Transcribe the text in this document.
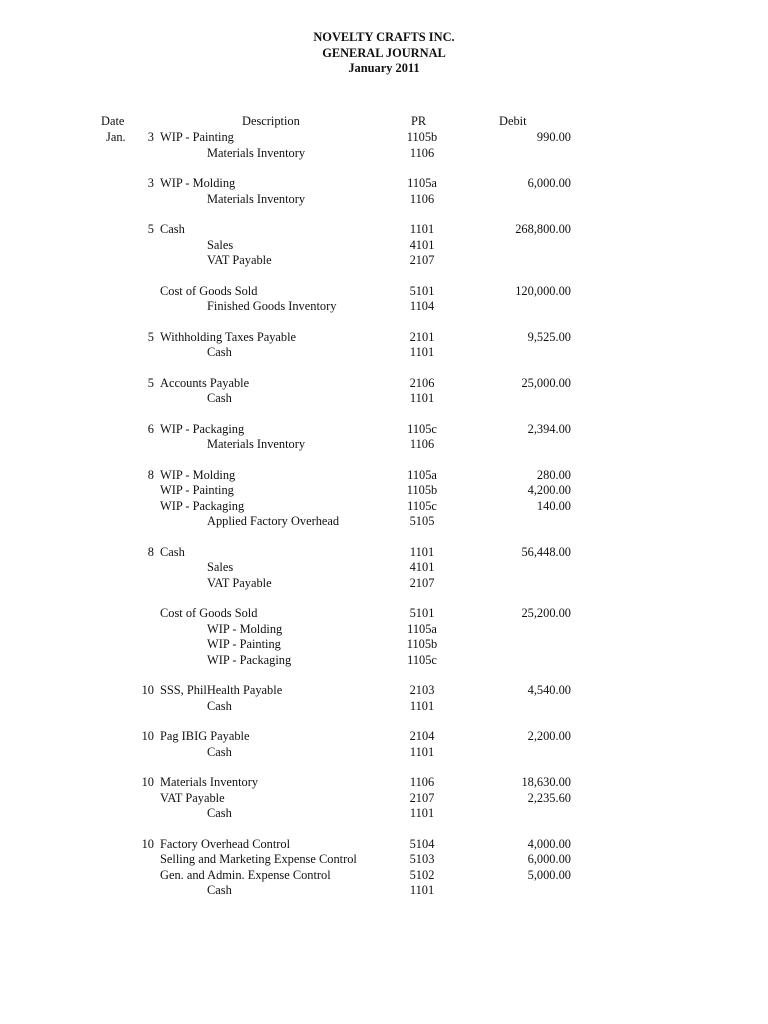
NOVELTY CRAFTS INC.
GENERAL JOURNAL
January 2011
Date	Description	PR	Debit
Jan.	3 WIP - Painting	1105b	990.00
Materials Inventory	1106
3 WIP - Molding	1105a	6,000.00
Materials Inventory	1106
5 Cash	1101	268,800.00
Sales	4101
VAT Payable	2107
Cost of Goods Sold	5101	120,000.00
Finished Goods Inventory	1104
5 Withholding Taxes Payable	2101	9,525.00
Cash	1101
5 Accounts Payable	2106	25,000.00
Cash	1101
6 WIP - Packaging	1105c	2,394.00
Materials Inventory	1106
8 WIP - Molding	1105a	280.00
WIP - Painting	1105b	4,200.00
WIP - Packaging	1105c	140.00
Applied Factory Overhead	5105
8 Cash	1101	56,448.00
Sales	4101
VAT Payable	2107
Cost of Goods Sold	5101	25,200.00
WIP - Molding	1105a
WIP - Painting	1105b
WIP - Packaging	1105c
10 SSS, PhilHealth Payable	2103	4,540.00
Cash	1101
10 Pag IBIG Payable	2104	2,200.00
Cash	1101
10 Materials Inventory	1106	18,630.00
VAT Payable	2107	2,235.60
Cash	1101
10 Factory Overhead Control	5104	4,000.00
Selling and Marketing Expense Control	5103	6,000.00
Gen. and Admin. Expense Control	5102	5,000.00
Cash	1101
